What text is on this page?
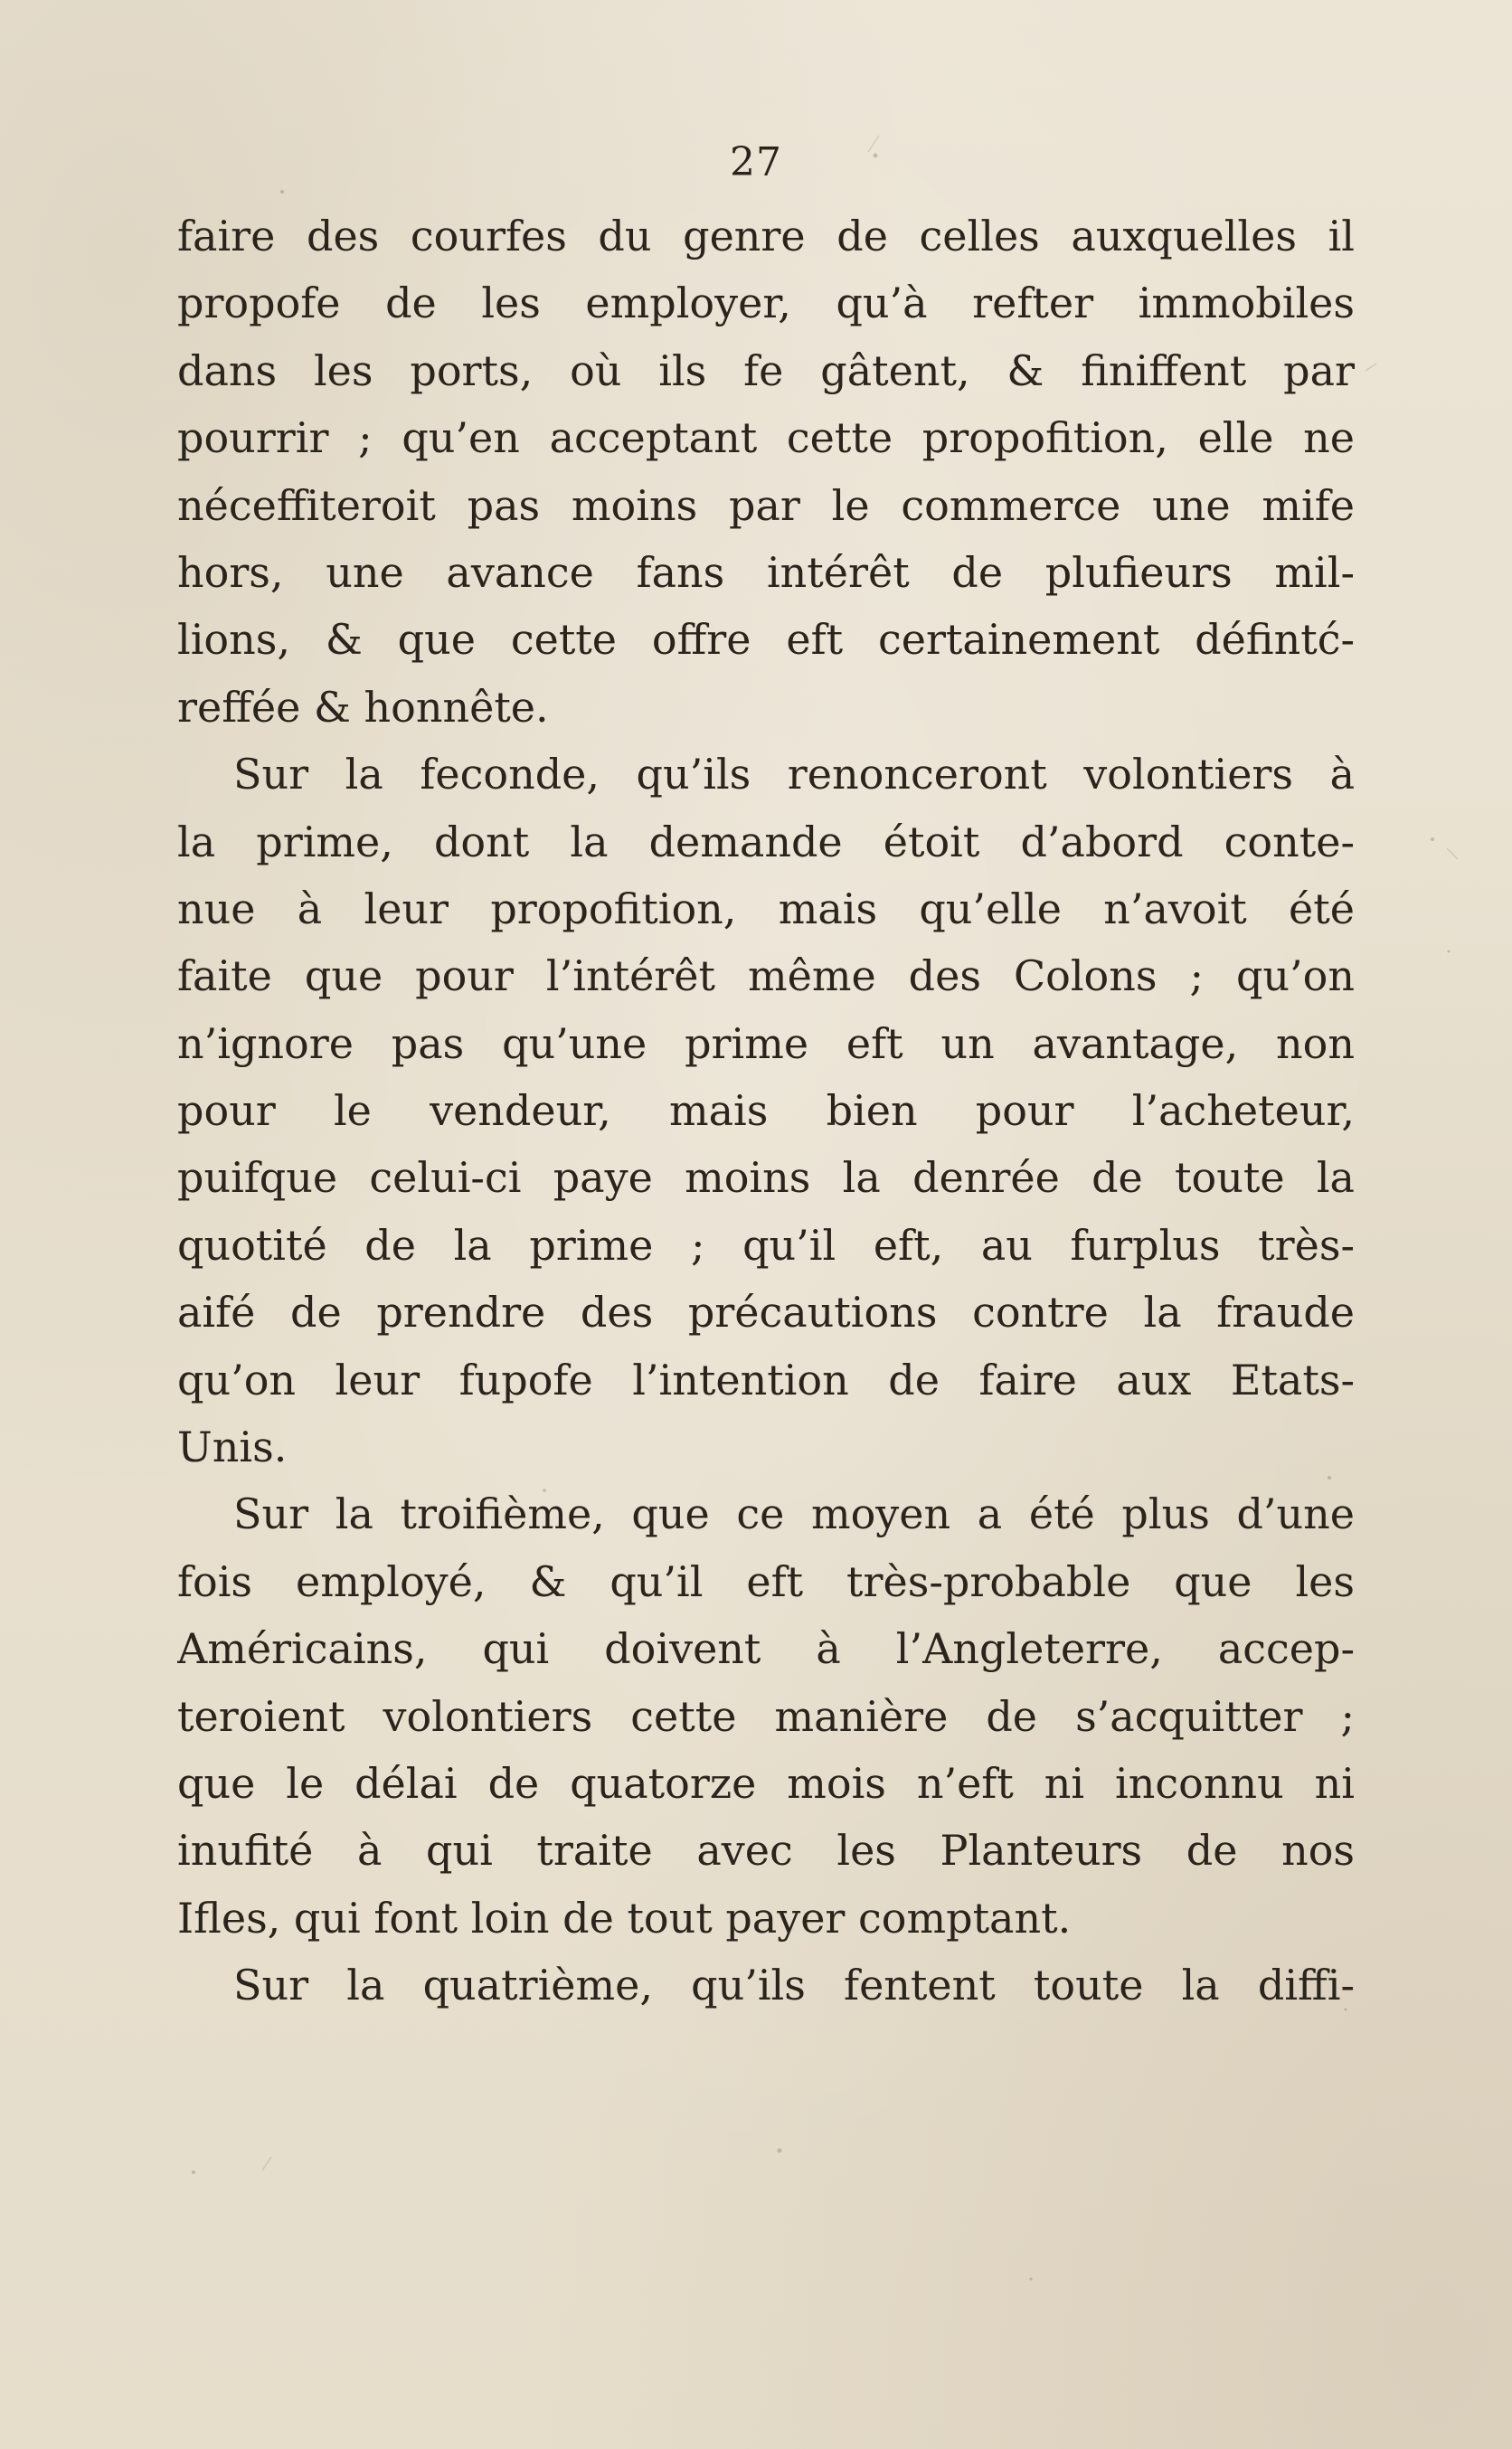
27
faire des courfes du genre de celles auxquelles il
propofe de les employer, qu’à refter immobiles
dans les ports, où ils fe gâtent, & finiffent par
pourrir ; qu’en acceptant cette propofition, elle ne
néceffiteroit pas moins par le commerce une mife
hors, une avance fans intérêt de plufieurs mil-
lions, & que cette offre eft certainement défintć-
reffée & honnête.
Sur la feconde, qu’ils renonceront volontiers à
la prime, dont la demande étoit d’abord conte-
nue à leur propofition, mais qu’elle n’avoit été
faite que pour l’intérêt même des Colons ; qu’on
n’ignore pas qu’une prime eft un avantage, non
pour le vendeur, mais bien pour l’acheteur,
puifque celui-ci paye moins la denrée de toute la
quotité de la prime ; qu’il eft, au furplus très-
aifé de prendre des précautions contre la fraude
qu’on leur fupofe l’intention de faire aux Etats-
Unis.
Sur la troifième, que ce moyen a été plus d’une
fois employé, & qu’il eft très-probable que les
Américains, qui doivent à l’Angleterre, accep-
teroient volontiers cette manière de s’acquitter ;
que le délai de quatorze mois n’eft ni inconnu ni
inufité à qui traite avec les Planteurs de nos
Ifles, qui font loin de tout payer comptant.
Sur la quatrième, qu’ils fentent toute la diffi-
